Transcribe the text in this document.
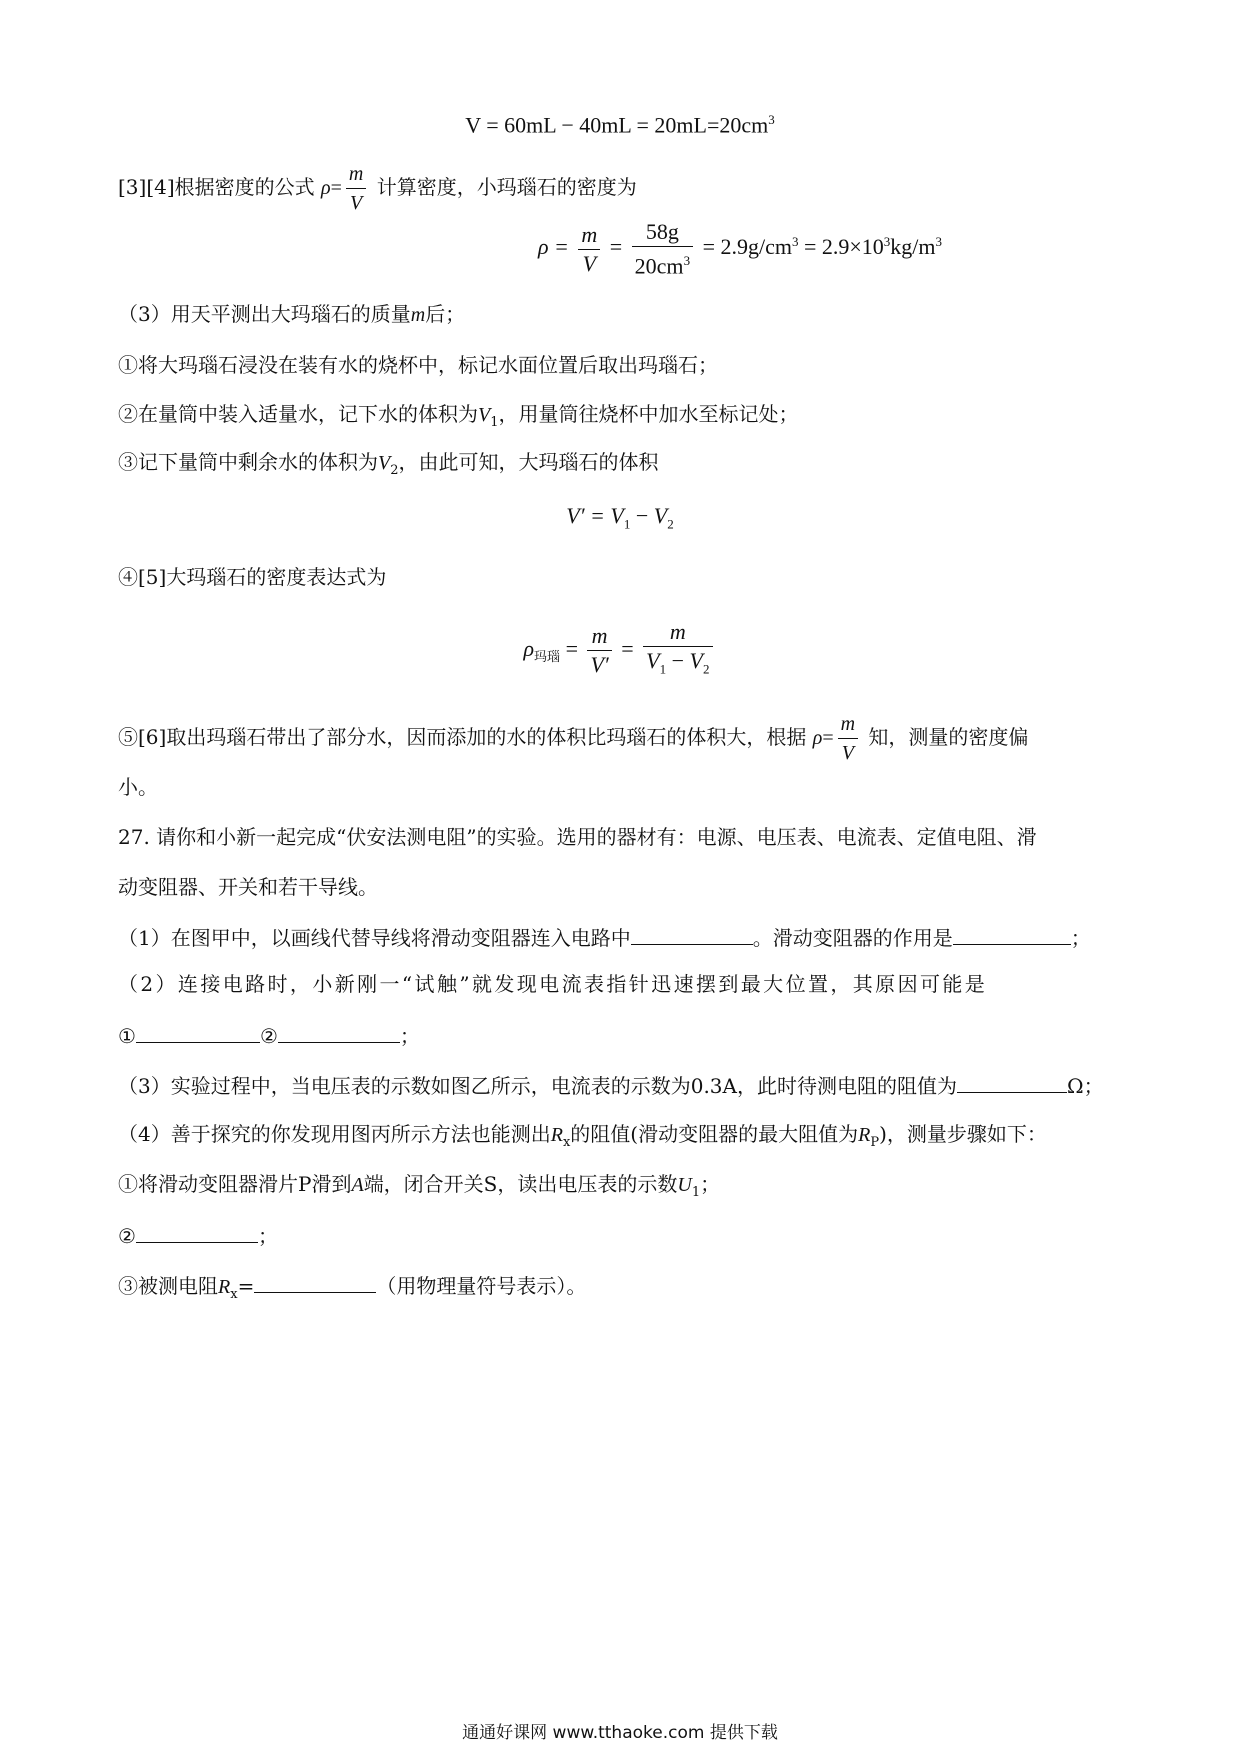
$V = 60mL - 40mL = 20mL=20cm^3$
[3][4]根据密度的公式 $\rho= \frac{m}{V}$ 计算密度，小玛瑙石的密度为
$\rho = \frac{m}{V} = \frac{58g}{20cm^3} = 2.9g/cm^3 = 2.9\times 10^3kg/m^3$
（3）用天平测出大玛瑙石的质量m后；
①将大玛瑙石浸没在装有水的烧杯中，标记水面位置后取出玛瑙石；
②在量筒中装入适量水，记下水的体积为$V_1$，用量筒往烧杯中加水至标记处；
③记下量筒中剩余水的体积为$V_2$，由此可知，大玛瑙石的体积
$V' = V_1 - V_2$
④[5]大玛瑙石的密度表达式为
$\rho_{玛瑙} = \frac{m}{V'} = \frac{m}{V_1 - V_2}$
⑤[6]取出玛瑙石带出了部分水，因而添加的水的体积比玛瑙石的体积大，根据 $\rho= \frac{m}{V}$ 知，测量的密度偏
小。
27. 请你和小新一起完成“伏安法测电阻”的实验。选用的器材有：电源、电压表、电流表、定值电阻、滑
动变阻器、开关和若干导线。
（1）在图甲中，以画线代替导线将滑动变阻器连入电路中	。滑动变阻器的作用是	；
（2）连接电路时，小新刚一“试触”就发现电流表指针迅速摆到最大位置，其原因可能是
①	②	；
（3）实验过程中，当电压表的示数如图乙所示，电流表的示数为0.3A，此时待测电阻的阻值为	Ω；
（4）善于探究的你发现用图丙所示方法也能测出$R_x$的阻值(滑动变阻器的最大阻值为$R_P$)，测量步骤如下：
①将滑动变阻器滑片P滑到A端，闭合开关S，读出电压表的示数$U_1$；
②	；
③被测电阻$R_x=$	（用物理量符号表示）。
通通好课网 www.tthaoke.com 提供下载
